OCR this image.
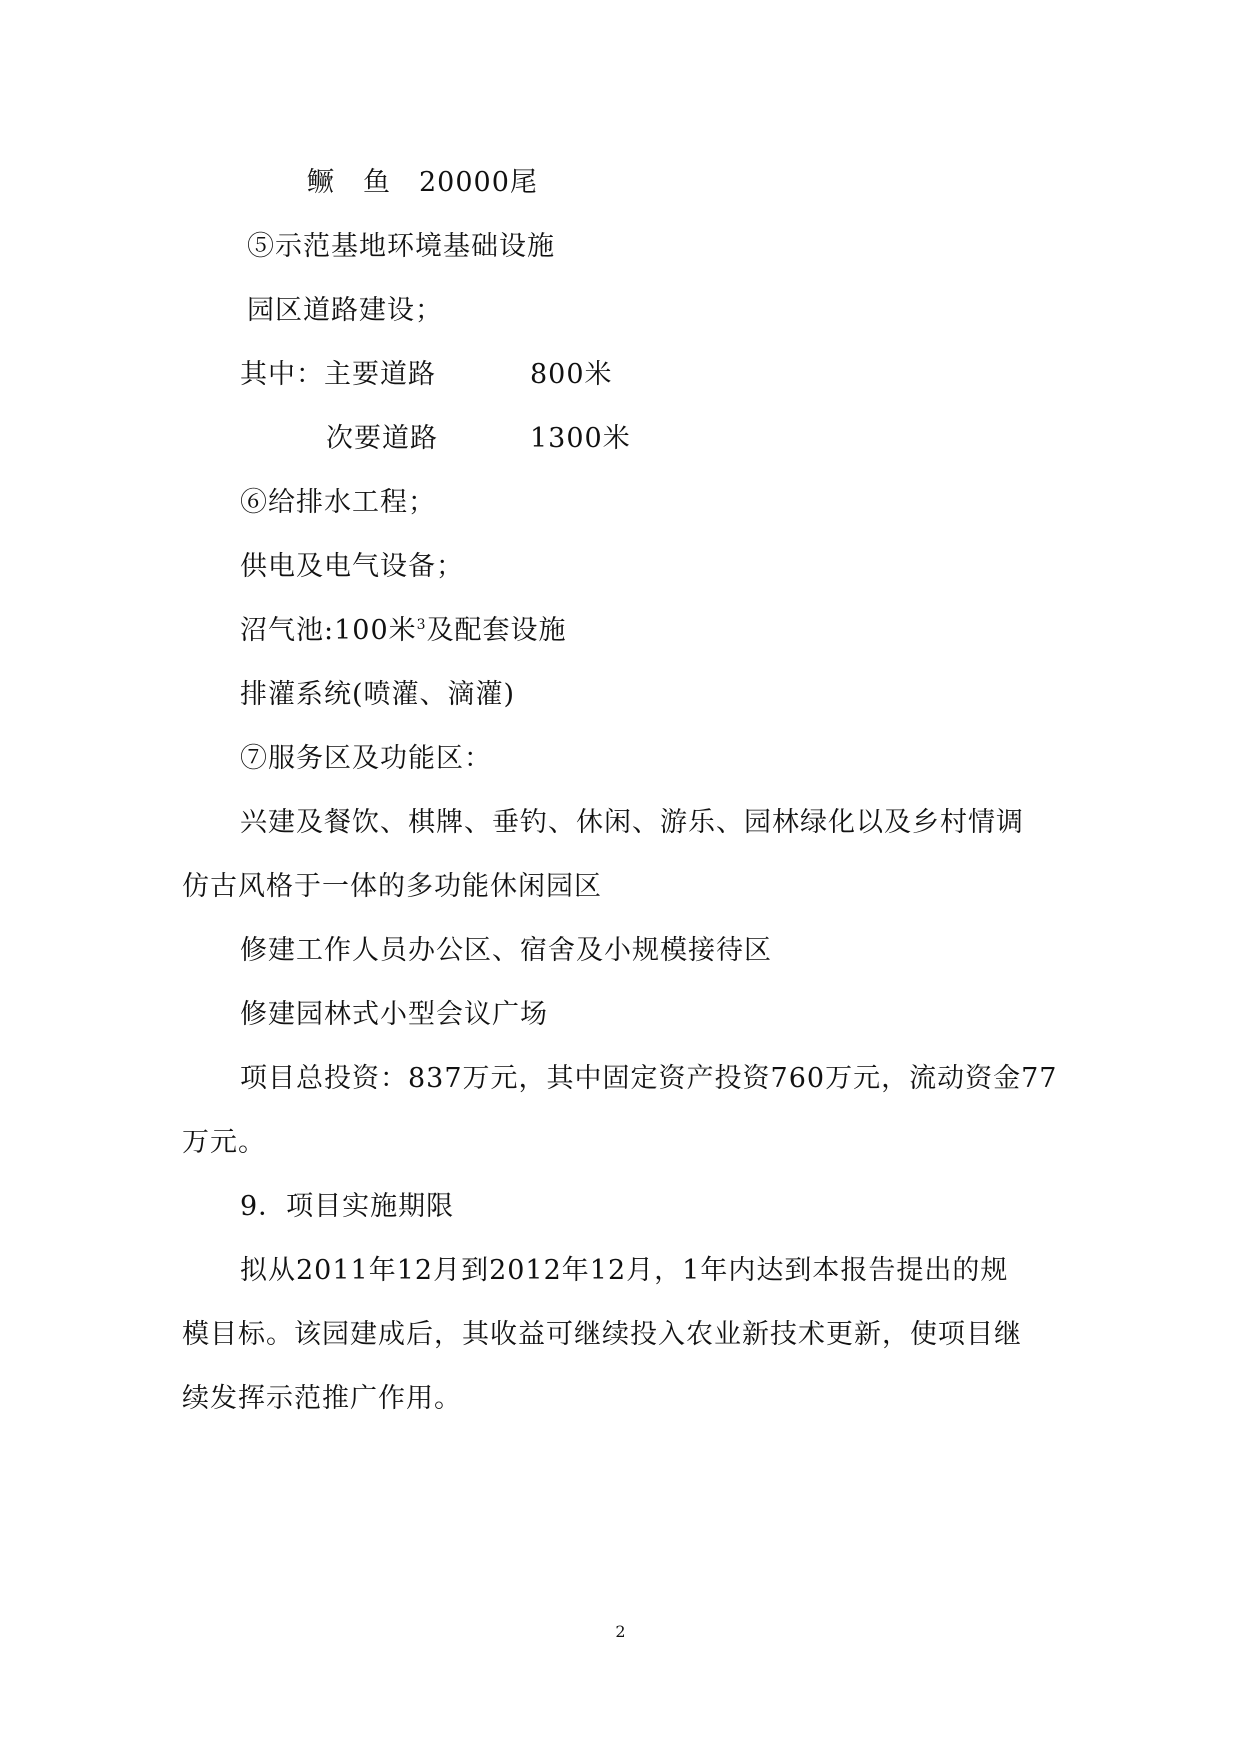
鳜　鱼　20000尾
⑤示范基地环境基础设施
园区道路建设；
其中：主要道路	800米
次要道路	1300米
⑥给排水工程；
供电及电气设备；
沼气池:100米$^3$及配套设施
排灌系统(喷灌、滴灌)
⑦服务区及功能区：
兴建及餐饮、棋牌、垂钓、休闲、游乐、园林绿化以及乡村情调
仿古风格于一体的多功能休闲园区
修建工作人员办公区、宿舍及小规模接待区
修建园林式小型会议广场
项目总投资：837万元，其中固定资产投资760万元，流动资金77
万元。
9．项目实施期限
拟从2011年12月到2012年12月，1年内达到本报告提出的规
模目标。该园建成后，其收益可继续投入农业新技术更新，使项目继
续发挥示范推广作用。
2
